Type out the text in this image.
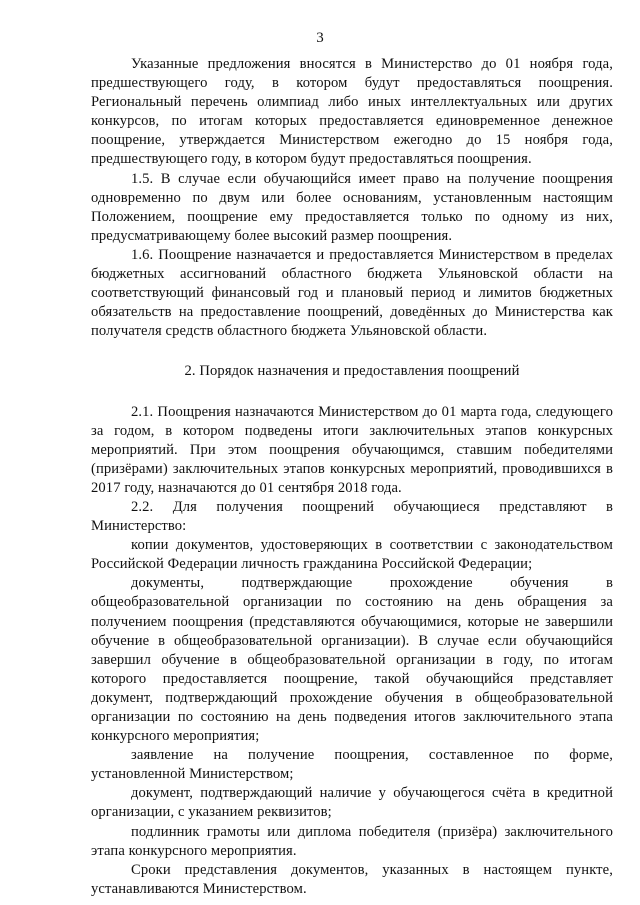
3

Указанные предложения вносятся в Министерство до 01 ноября года, предшествующего году, в котором будут предоставляться поощрения. Региональный перечень олимпиад либо иных интеллектуальных или других конкурсов, по итогам которых предоставляется единовременное денежное поощрение, утверждается Министерством ежегодно до 15 ноября года, предшествующего году, в котором будут предоставляться поощрения.

1.5. В случае если обучающийся имеет право на получение поощрения одновременно по двум или более основаниям, установленным настоящим Положением, поощрение ему предоставляется только по одному из них, предусматривающему более высокий размер поощрения.

1.6. Поощрение назначается и предоставляется Министерством в пределах бюджетных ассигнований областного бюджета Ульяновской области на соответствующий финансовый год и плановый период и лимитов бюджетных обязательств на предоставление поощрений, доведённых до Министерства как получателя средств областного бюджета Ульяновской области.

2. Порядок назначения и предоставления поощрений

2.1. Поощрения назначаются Министерством до 01 марта года, следующего за годом, в котором подведены итоги заключительных этапов конкурсных мероприятий. При этом поощрения обучающимся, ставшим победителями (призёрами) заключительных этапов конкурсных мероприятий, проводившихся в 2017 году, назначаются до 01 сентября 2018 года.

2.2. Для получения поощрений обучающиеся представляют в Министерство:

копии документов, удостоверяющих в соответствии с законодательством Российской Федерации личность гражданина Российской Федерации;

документы, подтверждающие прохождение обучения в общеобразовательной организации по состоянию на день обращения за получением поощрения (представляются обучающимися, которые не завершили обучение в общеобразовательной организации). В случае если обучающийся завершил обучение в общеобразовательной организации в году, по итогам которого предоставляется поощрение, такой обучающийся представляет документ, подтверждающий прохождение обучения в общеобразовательной организации по состоянию на день подведения итогов заключительного этапа конкурсного мероприятия;

заявление на получение поощрения, составленное по форме, установленной Министерством;

документ, подтверждающий наличие у обучающегося счёта в кредитной организации, с указанием реквизитов;

подлинник грамоты или диплома победителя (призёра) заключительного этапа конкурсного мероприятия.

Сроки представления документов, указанных в настоящем пункте, устанавливаются Министерством.
